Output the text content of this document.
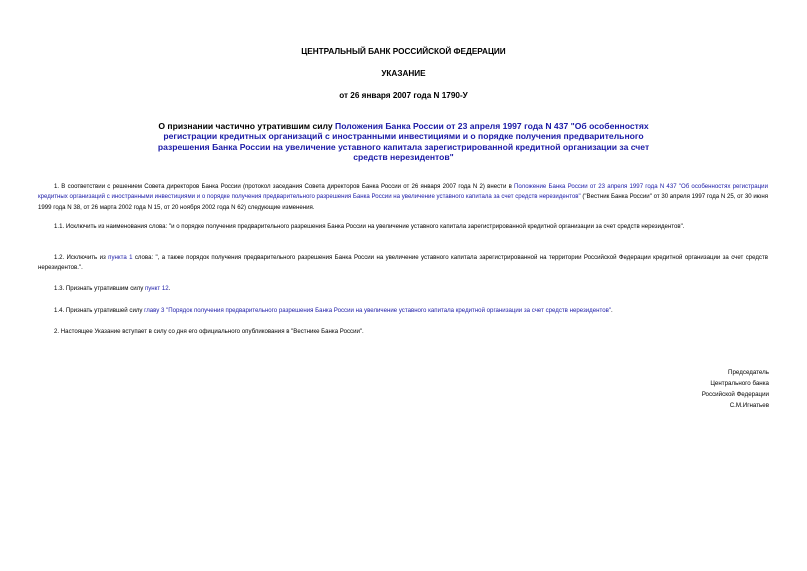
ЦЕНТРАЛЬНЫЙ БАНК РОССИЙСКОЙ ФЕДЕРАЦИИ

УКАЗАНИЕ

от 26 января 2007 года N 1790-У

О признании частично утратившим силу Положения Банка России от 23 апреля 1997 года N 437 "Об особенностях регистрации кредитных организаций с иностранными инвестициями и о порядке получения предварительного разрешения Банка России на увеличение уставного капитала зарегистрированной кредитной организации за счет средств нерезидентов"

1. В соответствии с решением Совета директоров Банка России (протокол заседания Совета директоров Банка России от 26 января 2007 года N 2) внести в Положение Банка России от 23 апреля 1997 года N 437 "Об особенностях регистрации кредитных организаций с иностранными инвестициями и о порядке получения предварительного разрешения Банка России на увеличение уставного капитала за счет средств нерезидентов" ("Вестник Банка России" от 30 апреля 1997 года N 25, от 30 июня 1999 года N 38, от 26 марта 2002 года N 15, от 20 ноября 2002 года N 62) следующие изменения.

1.1. Исключить из наименования слова: "и о порядке получения предварительного разрешения Банка России на увеличение уставного капитала зарегистрированной кредитной организации за счет средств нерезидентов".

1.2. Исключить из пункта 1 слова: ", а также порядок получения предварительного разрешения Банка России на увеличение уставного капитала зарегистрированной на территории Российской Федерации кредитной организации за счет средств нерезидентов.".

1.3. Признать утратившим силу пункт 12.

1.4. Признать утратившей силу главу 3 "Порядок получения предварительного разрешения Банка России на увеличение уставного капитала кредитной организации за счет средств нерезидентов".

2. Настоящее Указание вступает в силу со дня его официального опубликования в "Вестнике Банка России".

Председатель
Центрального банка
Российской Федерации
С.М.Игнатьев
